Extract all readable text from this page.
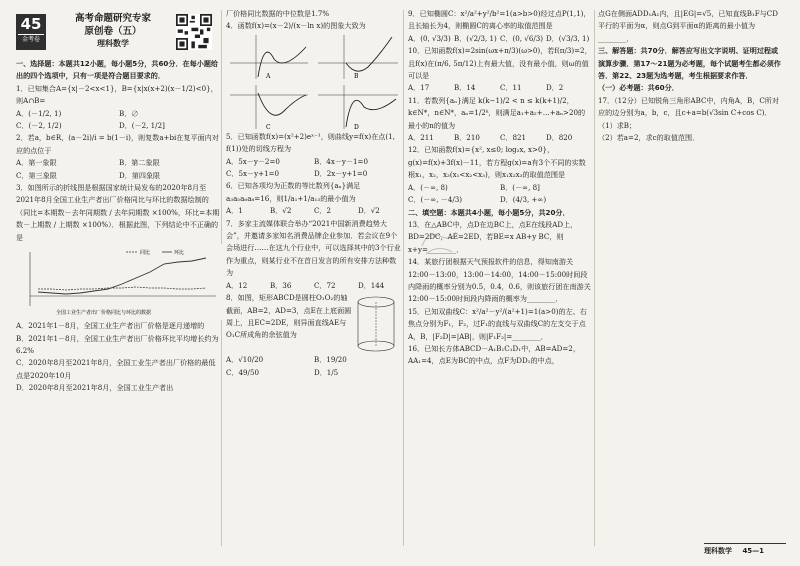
45
金考卷
高考命题研究专家
原创卷（五）
理科数学

一、选择题：本题共12小题，每小题5分，共60分．在每小题给出的四个选项中，只有一项是符合题目要求的．

1．已知集合A={x|－2<x<1}，B={x|x(x+2)(x－1/2)<0}，则A∩B=

A．(－1/2, 1)	B．∅
C．(－2, 1/2)	D．(－2, 1/2]

2．若a，b∈R，(a－2i)/i = b(1－i)，则复数a+bi在复平面内对应的点位于

A．第一象限	B．第二象限
C．第三象限	D．第四象限

3．如图所示的折线图是根据国家统计局发布的2020年8月至2021年8月全国工业生产者出厂价格同比与环比的数据绘制的（同比=本期数－去年同期数 / 去年同期数 ×100%，环比=本期数－上期数 / 上期数 ×100%）．根据此图，下列结论中不正确的是

同比	环比
全国工业生产者出厂价格同比与环比的数据

A．2021年1－8月，全国工业生产者出厂价格是逐月递增的

B．2021年1－8月，全国工业生产者出厂价格环比平均增长约为6.2%

C．2020年8月至2021年8月，全国工业生产者出厂价格的最低点是2020年10月

D．2020年8月至2021年8月，全国工业生产者出

厂价格同比数据的中位数是1.7%

4．函数f(x)=(x－2)/(x－ln x)的图象大致为

A	B
C	D

5．已知函数f(x)=(x²+2)eˣ⁻¹，则曲线y=f(x)在点(1, f(1))处的切线方程为

A．5x－y－2=0	B．4x－y－1=0
C．5x－y+1=0	D．2x－y+1=0

6．已知各项均为正数的等比数列{aₙ}满足a₃a₅a₆a₈=16，则1/a₁+1/a₁₃的最小值为

A．1	B．√2	C．2	D．√2

7．多家主流媒体联合举办“2021中国新消费趋势大会”，并邀请多家知名消费品牌企业参加．若会议在9个会场进行……在这九个行业中，可以选择其中的3个行业作为重点，则某行业不在首日发言的所有安排方法种数为

A．12	B．36	C．72	D．144

8．如图，矩形ABCD是圆柱O₁O₂的轴截面，AB=2，AD=3，点E在上底面圆周上，且EC=2DE，则异面直线AE与O₁C所成角的余弦值为

A．√10/20	B．19/20
C．49/50	D．1/5

9．已知椭圆C：x²/a²+y²/b²=1(a>b>0)经过点P(1,1)，且长轴长为4，则椭圆C的离心率的取值范围是

A．(0, √3/3) B．(√2/3, 1) C．(0, √6/3) D．(√3/3, 1)

10．已知函数f(x)=2sin(ωx+π/3)(ω>0)，若f(π/3)=2，且f(x)在(π/6, 5π/12)上有最大值，没有最小值，则ω的值可以是

A．17	B．14	C．11	D．2

11．若数列{aₙ}满足 k(k−1)/2 < n ≤ k(k+1)/2，k∈N*，n∈N*，aₙ=1/2ᵏ，则满足a₁+a₂+…+aₙ>20的最小的n的值为

A．211	B．210	C．821	D．820

12．已知函数f(x)={x², x≤0; log₂x, x>0}，g(x)=f(x)+3f(x)－11，若方程g(x)=a有3个不同的实数根x₁，x₂，x₃(x₁<x₂<x₃)，则x₁x₂x₃的取值范围是

A．(－∞, 8)	B．(－∞, 8]
C．(－∞, －4/3)	D．(4/3, +∞)

二、填空题：本题共4小题，每小题5分，共20分．

13．在△ABC中，点D在边BC上，点E在线段AD上，BD=2DC，AE=2ED，若BE=x AB+y BC，则x+y=________．

14．某旅行团根据天气预报软件的信息，得知南游关12:00－13:00，13:00－14:00，14:00－15:00时间段内降雨的概率分别为0.5，0.4，0.6，则该旅行团在南游关12:00－15:00时间段内降雨的概率为________．

15．已知双曲线C：x²/a²－y²/(a²+1)=1(a>0)的左、右焦点分别为F₁，F₂，过F₁的直线与双曲线C的左支交于点A，B，|F₂D|=|AB|，则|F₁F₂|=________．

16．已知长方体ABCD－A₁B₁C₁D₁中，AB=AD=2，AA₁=4，点E为BC的中点，点F为DD₁的中点，

点G在侧面ADD₁A₁内，且|EG|=√5，已知直线B₁F与CD平行的平面为α，则点G到平面α的距离的最小值为________．

三、解答题：共70分．解答应写出文字说明、证明过程或演算步骤．第17～21题为必考题，每个试题考生都必须作答．第22、23题为选考题，考生根据要求作答．

（一）必考题：共60分．

17．（12分）已知锐角三角形ABC中，内角A，B，C所对应的边分别为a，b，c，且c+a=b(√3sin C+cos C)．

（1）求B；

（2）若a=2，求c的取值范围．

理科数学 45—1
